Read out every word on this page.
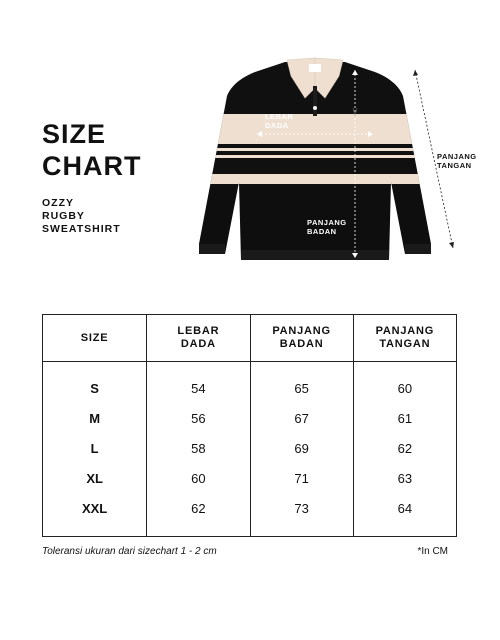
SIZE
CHART
OZZY
RUGBY
SWEATSHIRT
LEBAR
DADA
PANJANG
BADAN
PANJANG
TANGAN
SIZE
S
M
L
XL
XXL
LEBAR
DADA
54
56
58
60
62
PANJANG
BADAN
65
67
69
71
73
PANJANG
TANGAN
60
61
62
63
64
Toleransi ukuran dari sizechart 1 - 2 cm	*In CM
